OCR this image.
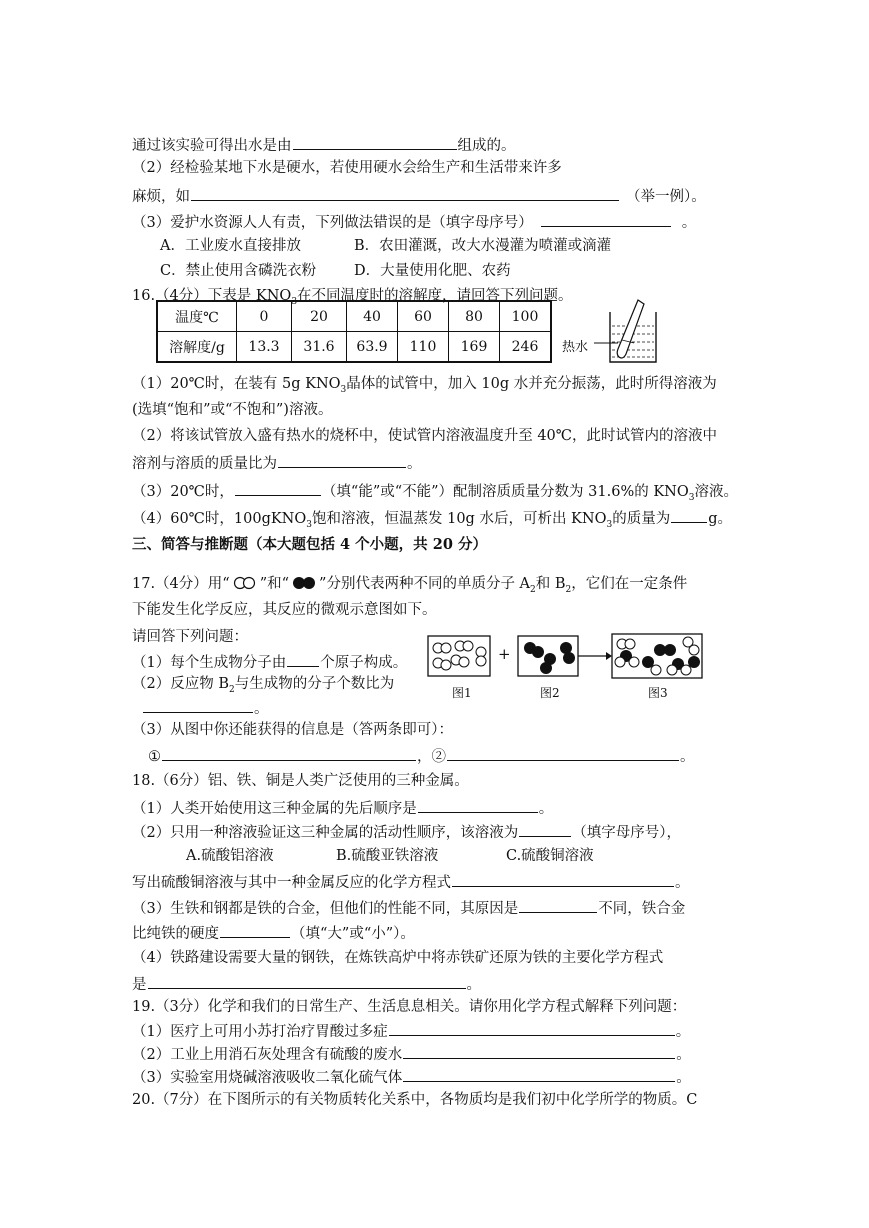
通过该实验可得出水是由	组成的。
（2）经检验某地下水是硬水，若使用硬水会给生产和生活带来许多
麻烦，如	（举一例）。
（3）爱护水资源人人有责，下列做法错误的是（填字母序号）	。
A．工业废水直接排放	B．农田灌溉，改大水漫灌为喷灌或滴灌
C．禁止使用含磷洗衣粉	D．大量使用化肥、农药
16.（4分）下表是 $KNO_3$在不同温度时的溶解度，请回答下列问题。
温度℃	0	20	40	60	80	100
溶解度/g	13.3	31.6	63.9	110	169	246 热水
（1）20℃时，在装有 5g $KNO_3$晶体的试管中，加入 10g 水并充分振荡，此时所得溶液为
(选填“饱和”或“不饱和”)溶液。
（2）将该试管放入盛有热水的烧杯中，使试管内溶液温度升至 40℃，此时试管内的溶液中
溶剂与溶质的质量比为	。
（3）20℃时，	（填“能”或“不能”）配制溶质质量分数为 31.6%的 $KNO_3$溶液。
（4）60℃时，100gKNO$_3$饱和溶液，恒温蒸发 10g 水后，可析出 $KNO_3$的质量为	g。
三、简答与推断题（本大题包括 4 个小题，共 20 分）
17.（4分）用“ ”和“ ”分别代表两种不同的单质分子 $A_2$和 $B_2$，它们在一定条件
下能发生化学反应，其反应的微观示意图如下。
请回答下列问题：
（1）每个生成物分子由 个原子构成。
（2）反应物 $B_2$与生成物的分子个数比为
。
+
图1	图2	图3
（3）从图中你还能获得的信息是（答两条即可）：
①	，②	。
18.（6分）铝、铁、铜是人类广泛使用的三种金属。
（1）人类开始使用这三种金属的先后顺序是	。
（2）只用一种溶液验证这三种金属的活动性顺序，该溶液为	（填字母序号），
A.硫酸铝溶液	B.硫酸亚铁溶液	C.硫酸铜溶液
写出硫酸铜溶液与其中一种金属反应的化学方程式	。
（3）生铁和钢都是铁的合金，但他们的性能不同，其原因是	不同，铁合金
比纯铁的硬度	（填“大”或“小”）。
（4）铁路建设需要大量的钢铁，在炼铁高炉中将赤铁矿还原为铁的主要化学方程式
是	。
19.（3分）化学和我们的日常生产、生活息息相关。请你用化学方程式解释下列问题：
（1）医疗上可用小苏打治疗胃酸过多症	。
（2）工业上用消石灰处理含有硫酸的废水	。
（3）实验室用烧碱溶液吸收二氧化硫气体	。
20.（7分）在下图所示的有关物质转化关系中，各物质均是我们初中化学所学的物质。C
